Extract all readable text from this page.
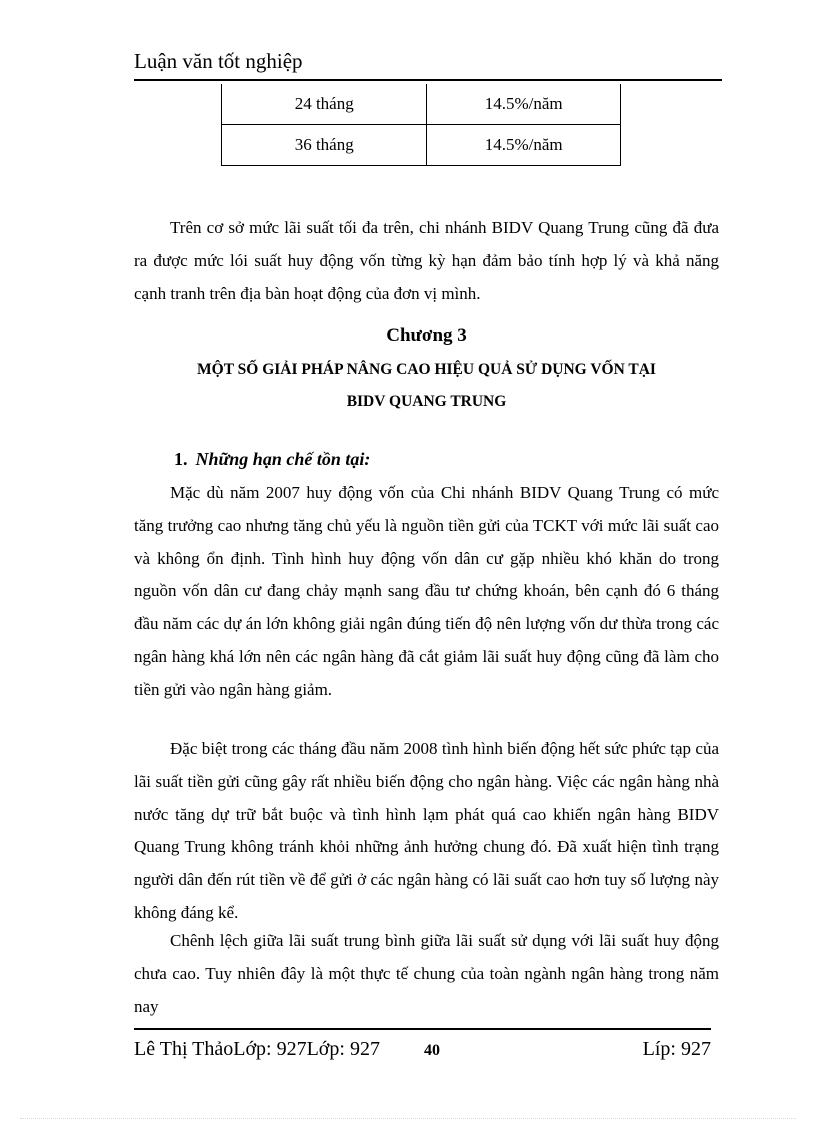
Luận văn tốt nghiệp
24 tháng	14.5%/năm
36 tháng	14.5%/năm

Trên cơ sở mức lãi suất tối đa trên, chi nhánh BIDV Quang Trung cũng đã đưa ra được mức lói suất huy động vốn từng kỳ hạn đảm bảo tính hợp lý và khả năng cạnh tranh trên địa bàn hoạt động của đơn vị mình.

Chương 3
MỘT SỐ GIẢI PHÁP NÂNG CAO HIỆU QUẢ SỬ DỤNG VỐN TẠI
BIDV QUANG TRUNG
1. Những hạn chế tồn tại:

Mặc dù năm 2007 huy động vốn của Chi nhánh BIDV Quang Trung có mức tăng trưởng cao nhưng tăng chủ yếu là nguồn tiền gửi của TCKT với mức lãi suất cao và không ổn định. Tình hình huy động vốn dân cư gặp nhiều khó khăn do trong nguồn vốn dân cư đang chảy mạnh sang đầu tư chứng khoán, bên cạnh đó 6 tháng đầu năm các dự án lớn không giải ngân đúng tiến độ nên lượng vốn dư thừa trong các ngân hàng khá lớn nên các ngân hàng đã cắt giảm lãi suất huy động cũng đã làm cho tiền gửi vào ngân hàng giảm.

Đặc biệt trong các tháng đầu năm 2008 tình hình biến động hết sức phức tạp của lãi suất tiền gửi cũng gây rất nhiều biến động cho ngân hàng. Việc các ngân hàng nhà nước tăng dự trữ bắt buộc và tình hình lạm phát quá cao khiến ngân hàng BIDV Quang Trung không tránh khỏi những ảnh hưởng chung đó. Đã xuất hiện tình trạng người dân đến rút tiền về để gửi ở các ngân hàng có lãi suất cao hơn tuy số lượng này không đáng kể.

Chênh lệch giữa lãi suất trung bình giữa lãi suất sử dụng với lãi suất huy động chưa cao. Tuy nhiên đây là một thực tế chung của toàn ngành ngân hàng trong năm nay

Lê Thị ThảoLớp: 927Lớp: 927	40	Líp: 927
